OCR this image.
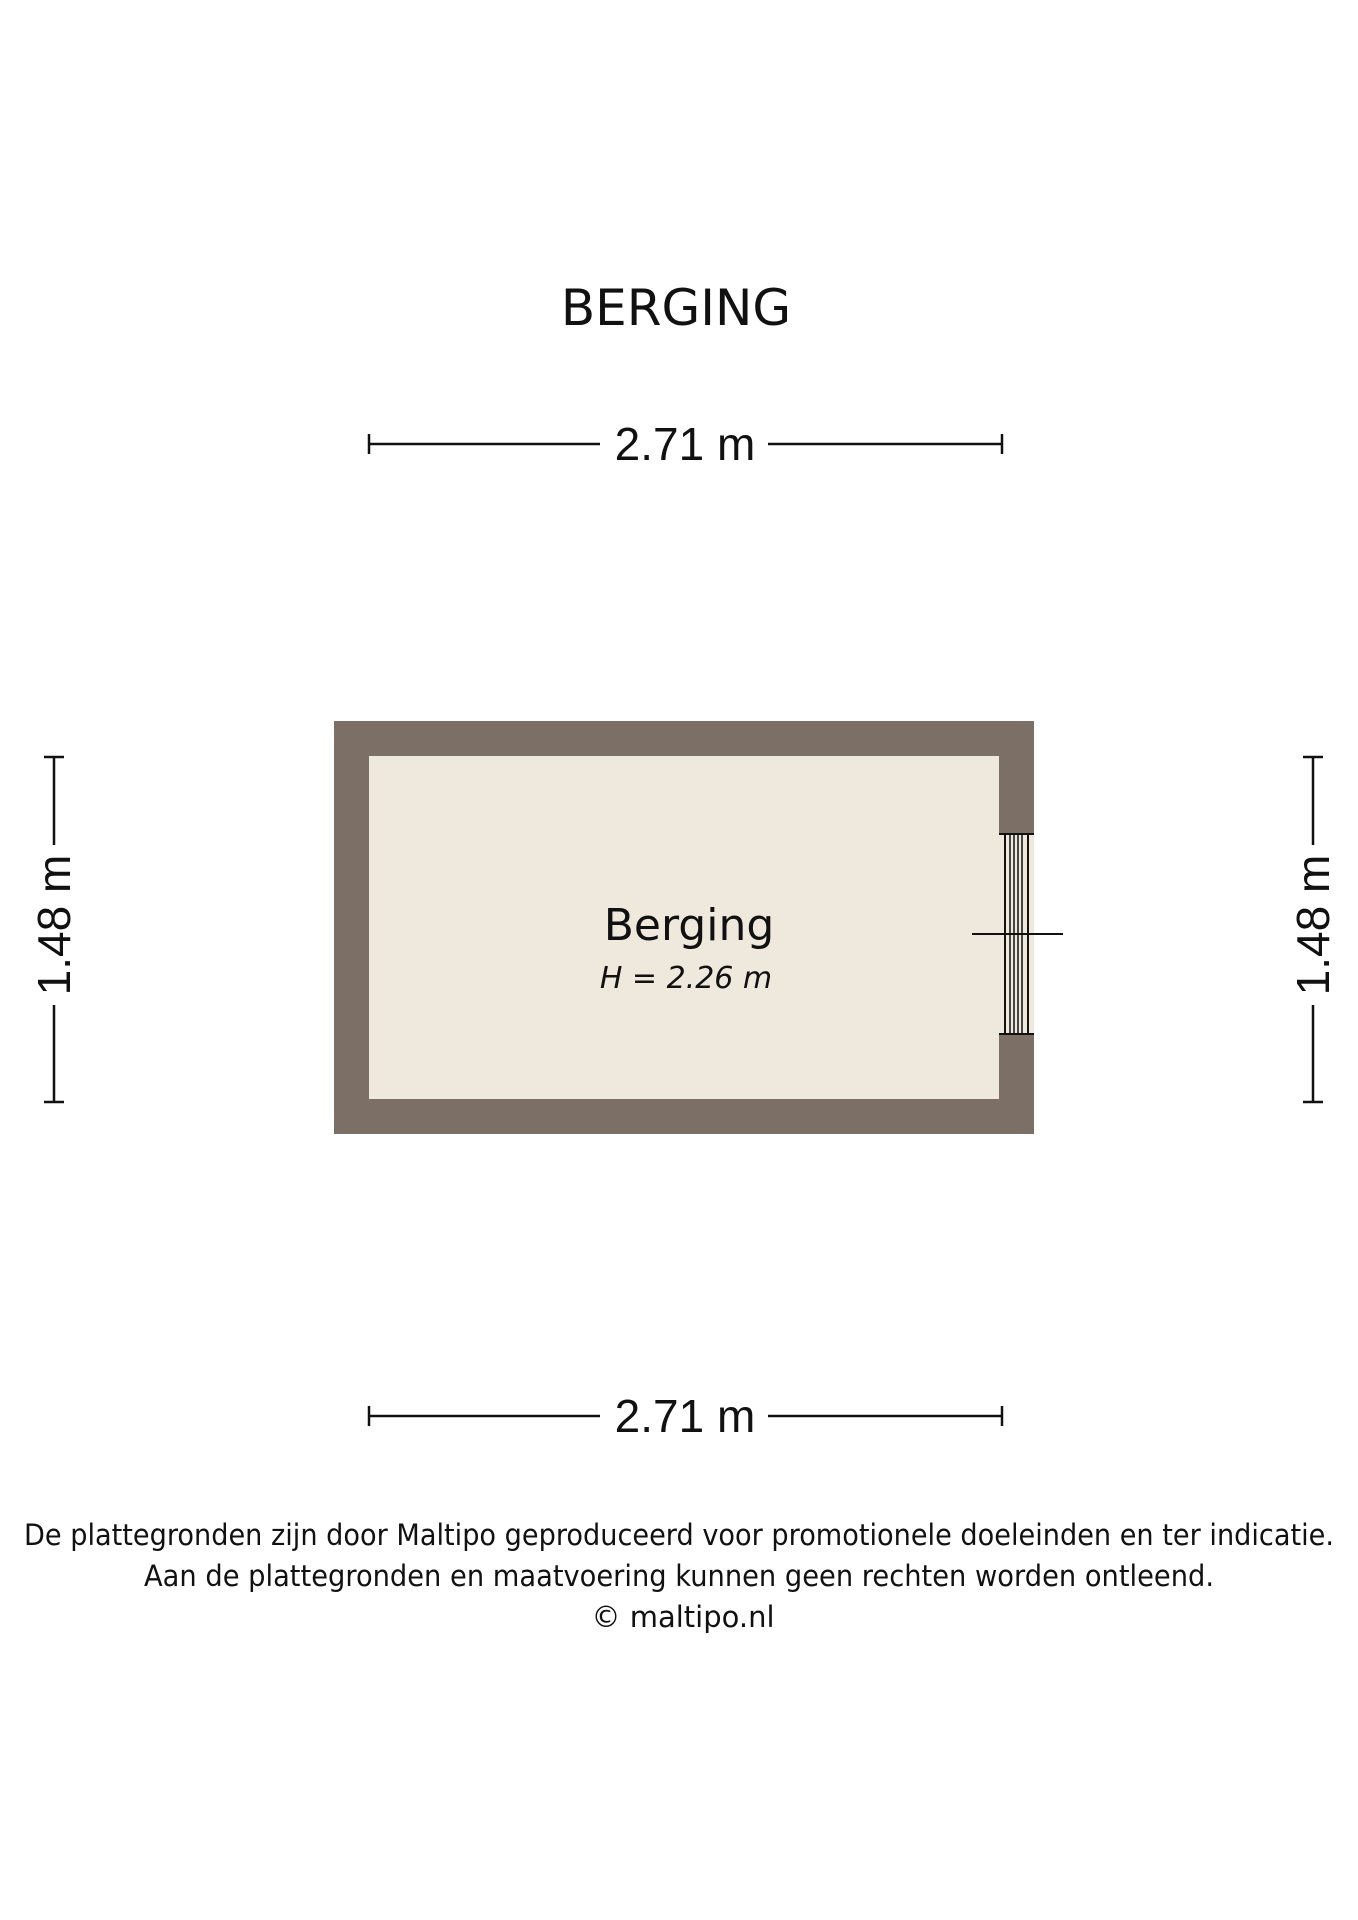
BERGING
2.71 m
1.48 m	1.48 m
Berging
H = 2.26 m
2.71 m
De plattegronden zijn door Maltipo geproduceerd voor promotionele doeleinden en ter indicatie.
Aan de plattegronden en maatvoering kunnen geen rechten worden ontleend.
© maltipo.nl
